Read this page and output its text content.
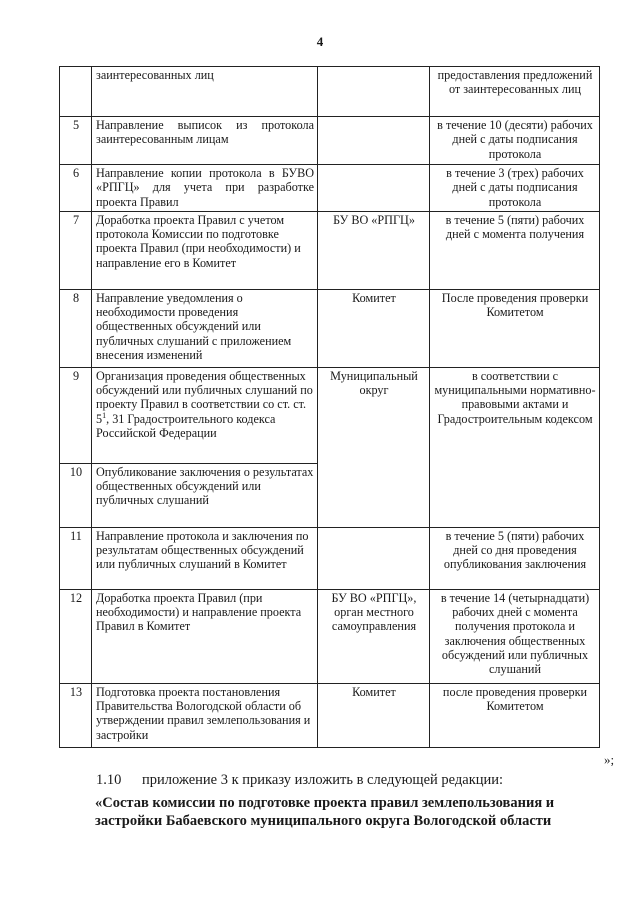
4
	заинтересованных лиц		предоставления предложений от заинтересованных лиц
5	Направление выписок из протокола заинтересованным лицам		в течение 10 (десяти) рабочих дней с даты подписания протокола
6	Направление копии протокола в БУВО «РПГЦ» для учета при разработке проекта Правил		в течение 3 (трех) рабочих дней с даты подписания протокола
7	Доработка проекта Правил с учетом протокола Комиссии по подготовке проекта Правил (при необходимости) и направление его в Комитет	БУ ВО «РПГЦ»	в течение 5 (пяти) рабочих дней с момента получения
8	Направление уведомления о необходимости проведения общественных обсуждений или публичных слушаний с приложением внесения изменений	Комитет	После проведения проверки Комитетом
9	Организация проведения общественных обсуждений или публичных слушаний по проекту Правил в соответствии со ст. ст. $5^1$, 31 Градостроительного кодекса Российской Федерации	Муниципальный округ	в соответствии с муниципальными нормативно-правовыми актами и Градостроительным кодексом
10	Опубликование заключения о результатах общественных обсуждений или публичных слушаний		
11	Направление протокола и заключения по результатам общественных обсуждений или публичных слушаний в Комитет		в течение 5 (пяти) рабочих дней со дня проведения опубликования заключения
12	Доработка проекта Правил (при необходимости) и направление проекта Правил в Комитет	БУ ВО «РПГЦ», орган местного самоуправления	в течение 14 (четырнадцати) рабочих дней с момента получения протокола и заключения общественных обсуждений или публичных слушаний
13	Подготовка проекта постановления Правительства Вологодской области об утверждении правил землепользования и застройки	Комитет	после проведения проверки Комитетом
»;
1.10 приложение 3 к приказу изложить в следующей редакции:
«Состав комиссии по подготовке проекта правил землепользования и застройки Бабаевского муниципального округа Вологодской области
